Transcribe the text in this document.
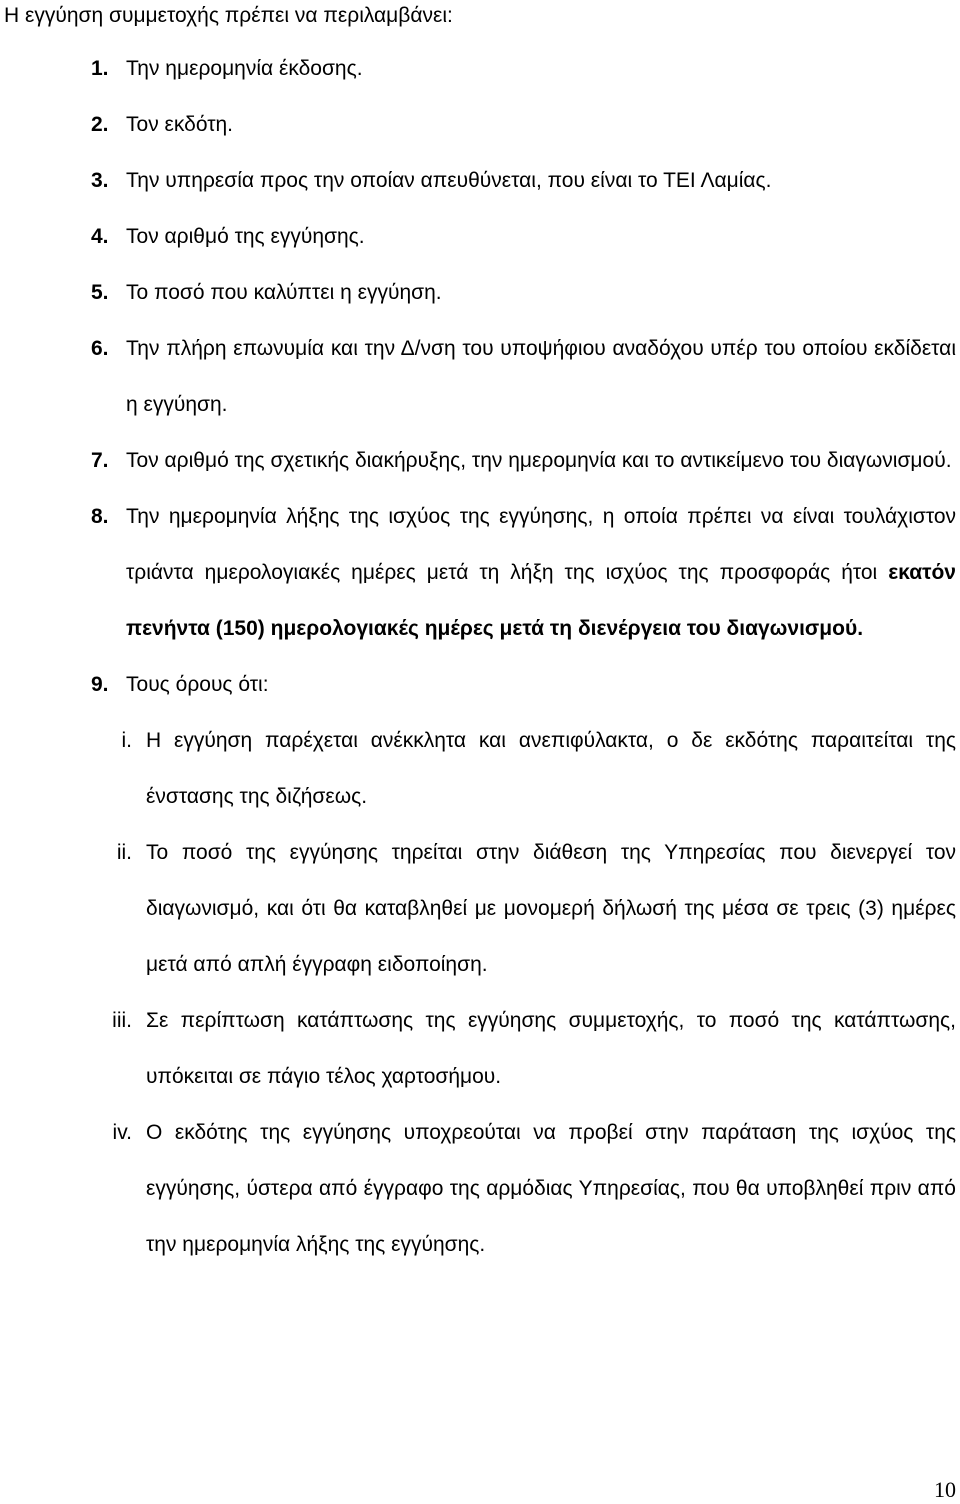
Η εγγύηση συμμετοχής πρέπει να περιλαμβάνει:
1. Την ημερομηνία έκδοσης.
2. Τον εκδότη.
3. Την υπηρεσία προς την οποίαν απευθύνεται, που είναι το ΤΕΙ Λαμίας.
4. Τον αριθμό της εγγύησης.
5. Το ποσό που καλύπτει η εγγύηση.
6. Την πλήρη επωνυμία και την Δ/νση του υποψήφιου αναδόχου υπέρ του οποίου εκδίδεται η εγγύηση.
7. Τον αριθμό της σχετικής διακήρυξης, την ημερομηνία και το αντικείμενο του διαγωνισμού.
8. Την ημερομηνία λήξης της ισχύος της εγγύησης, η οποία πρέπει να είναι τουλάχιστον τριάντα ημερολογιακές ημέρες μετά τη λήξη της ισχύος της προσφοράς ήτοι εκατόν πενήντα (150) ημερολογιακές ημέρες μετά τη διενέργεια του διαγωνισμού.
9. Τους όρους ότι:
i. Η εγγύηση παρέχεται ανέκκλητα και ανεπιφύλακτα, ο δε εκδότης παραιτείται της ένστασης της διζήσεως.
ii. Το ποσό της εγγύησης τηρείται στην διάθεση της Υπηρεσίας που διενεργεί τον διαγωνισμό, και ότι θα καταβληθεί με μονομερή δήλωσή της μέσα σε τρεις (3) ημέρες μετά από απλή έγγραφη ειδοποίηση.
iii. Σε περίπτωση κατάπτωσης της εγγύησης συμμετοχής, το ποσό της κατάπτωσης, υπόκειται σε πάγιο τέλος χαρτοσήμου.
iv. Ο εκδότης της εγγύησης υποχρεούται να προβεί στην παράταση της ισχύος της εγγύησης, ύστερα από έγγραφο της αρμόδιας Υπηρεσίας, που θα υποβληθεί πριν από την ημερομηνία λήξης της εγγύησης.
10
